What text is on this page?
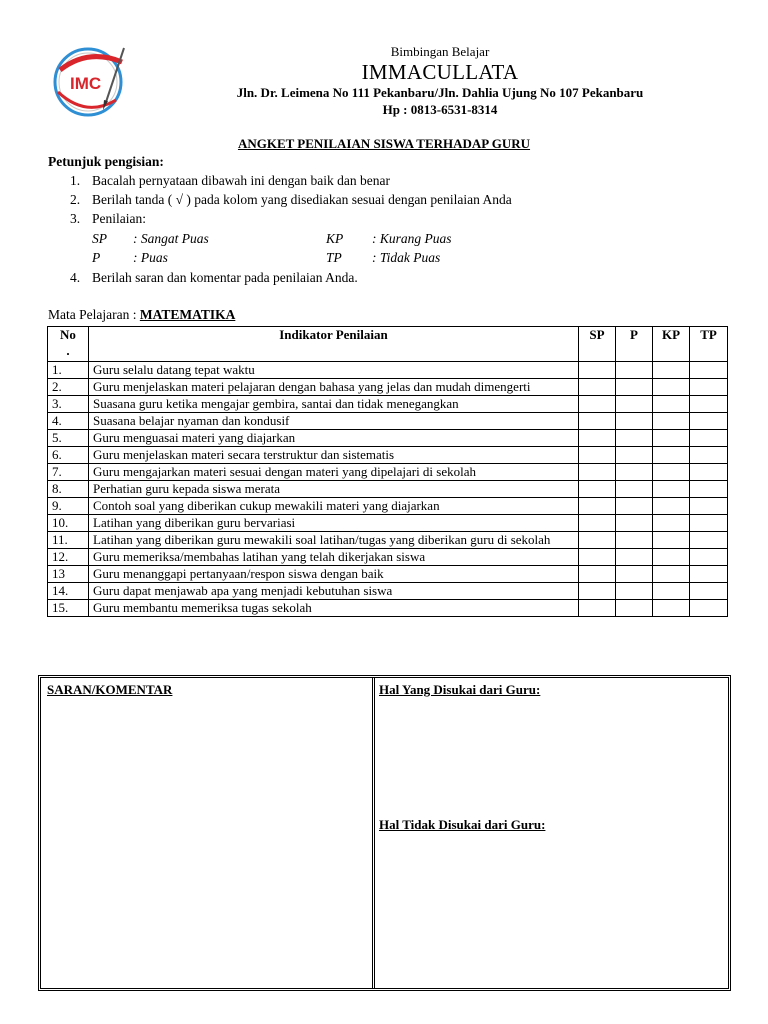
IMC
Bimbingan Belajar
IMMACULLATA
Jln. Dr. Leimena No 111 Pekanbaru/Jln. Dahlia Ujung No 107 Pekanbaru
Hp : 0813-6531-8314
ANGKET PENILAIAN SISWA TERHADAP GURU
Petunjuk pengisian:
1. Bacalah pernyataan dibawah ini dengan baik dan benar
2. Berilah tanda ( √ ) pada kolom yang disediakan sesuai dengan penilaian Anda
3. Penilaian:
SP : Sangat Puas	KP : Kurang Puas
P : Puas	TP : Tidak Puas
4. Berilah saran dan komentar pada penilaian Anda.
Mata Pelajaran : MATEMATIKA
No
.	Indikator Penilaian	SP	P	KP	TP
1.	Guru selalu datang tepat waktu				
2.	Guru menjelaskan materi pelajaran dengan bahasa yang jelas dan mudah dimengerti				
3.	Suasana guru ketika mengajar gembira, santai dan tidak menegangkan				
4.	Suasana belajar nyaman dan kondusif				
5.	Guru menguasai materi yang diajarkan				
6.	Guru menjelaskan materi secara terstruktur dan sistematis				
7.	Guru mengajarkan materi sesuai dengan materi yang dipelajari di sekolah				
8.	Perhatian guru kepada siswa merata				
9.	Contoh soal yang diberikan cukup mewakili materi yang diajarkan				
10.	Latihan yang diberikan guru bervariasi				
11.	Latihan yang diberikan guru mewakili soal latihan/tugas yang diberikan guru di sekolah				
12.	Guru memeriksa/membahas latihan yang telah dikerjakan siswa				
13	Guru menanggapi pertanyaan/respon siswa dengan baik				
14.	Guru dapat menjawab apa yang menjadi kebutuhan siswa				
15.	Guru membantu memeriksa tugas sekolah				
SARAN/KOMENTAR	Hal Yang Disukai dari Guru:
Hal Tidak Disukai dari Guru:
